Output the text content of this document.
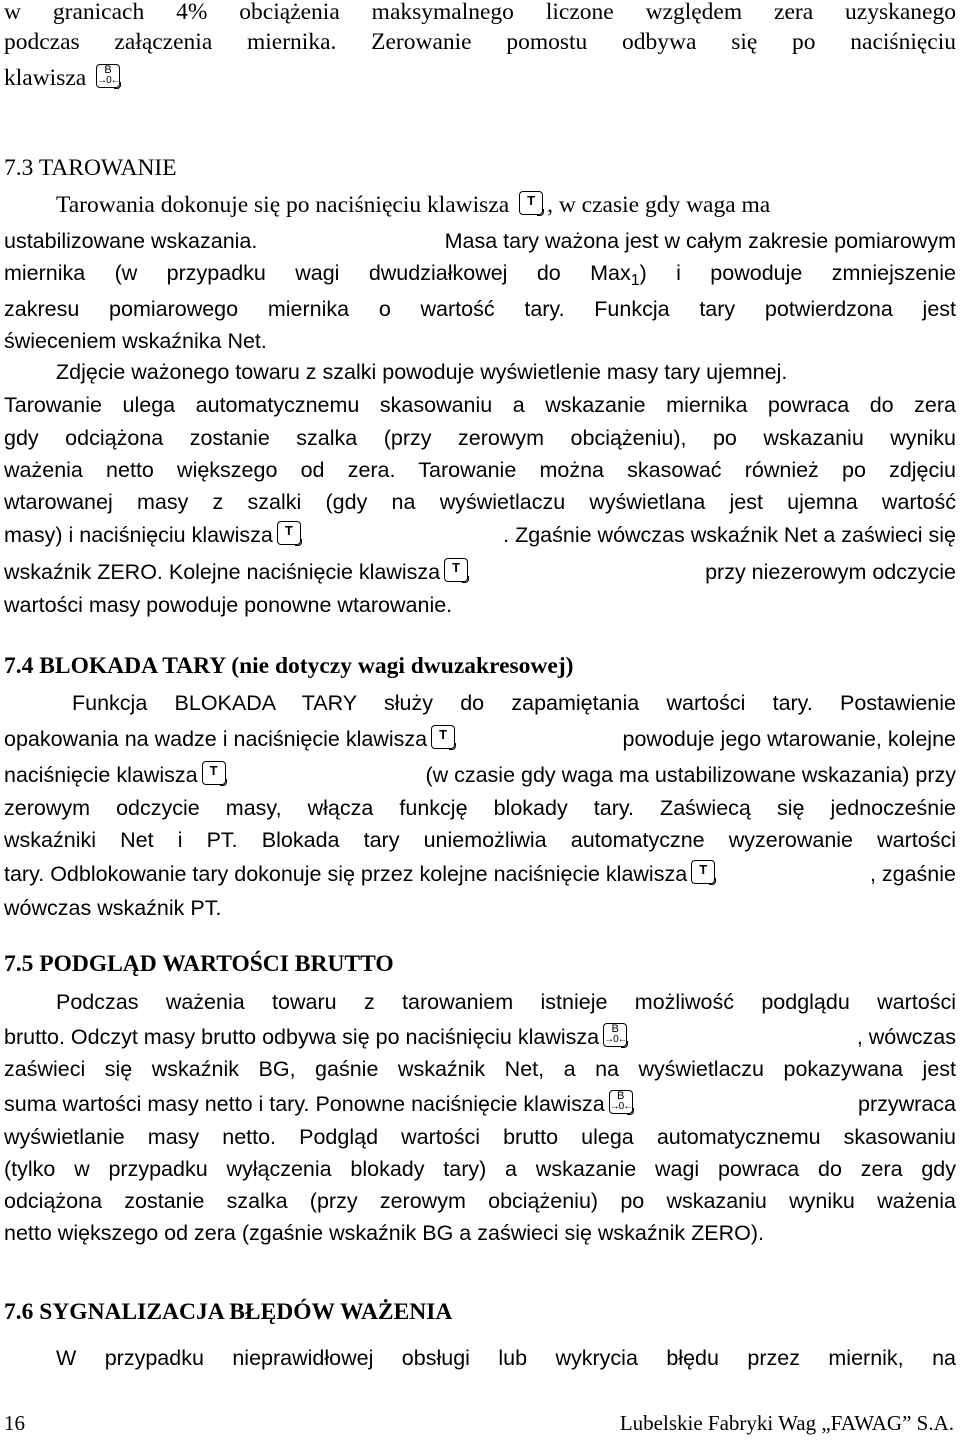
w granicach 4% obciążenia maksymalnego liczone względem zera uzyskanego
podczas załączenia miernika. Zerowanie pomostu odbywa się po naciśnięciu
klawisza	B
→0←
7.3 TAROWANIE
Tarowania dokonuje się po naciśnięciu klawisza	T , w czasie gdy waga ma
ustabilizowane wskazania.	Masa tary ważona jest w całym zakresie pomiarowym
miernika (w przypadku wagi dwudziałkowej do Max$_1$) i powoduje zmniejszenie
zakresu pomiarowego miernika o wartość tary. Funkcja tary potwierdzona jest
świeceniem wskaźnika Net.
Zdjęcie ważonego towaru z szalki powoduje wyświetlenie masy tary ujemnej.
Tarowanie ulega automatycznemu skasowaniu a wskazanie miernika powraca do zera
gdy odciążona zostanie szalka (przy zerowym obciążeniu), po wskazaniu wyniku
ważenia netto większego od zera. Tarowanie można skasować również po zdjęciu
wtarowanej masy z szalki (gdy na wyświetlaczu wyświetlana jest ujemna wartość
masy) i naciśnięciu klawisza T	. Zgaśnie wówczas wskaźnik Net a zaświeci się
wskaźnik ZERO. Kolejne naciśnięcie klawisza T	przy niezerowym odczycie
wartości masy powoduje ponowne wtarowanie.
7.4 BLOKADA TARY (nie dotyczy wagi dwuzakresowej)
Funkcja BLOKADA TARY służy do zapamiętania wartości tary. Postawienie
opakowania na wadze i naciśnięcie klawisza T	powoduje jego wtarowanie, kolejne
naciśnięcie klawisza T	(w czasie gdy waga ma ustabilizowane wskazania) przy
zerowym odczycie masy, włącza funkcję blokady tary. Zaświecą się jednocześnie
wskaźniki Net i PT. Blokada tary uniemożliwia automatyczne wyzerowanie wartości
tary. Odblokowanie tary dokonuje się przez kolejne naciśnięcie klawisza T	, zgaśnie
wówczas wskaźnik PT.
7.5 PODGLĄD WARTOŚCI BRUTTO
Podczas ważenia towaru z tarowaniem istnieje możliwość podglądu wartości
brutto. Odczyt masy brutto odbywa się po naciśnięciu klawisza	B
→0←	, wówczas
zaświeci się wskaźnik BG, gaśnie wskaźnik Net, a na wyświetlaczu pokazywana jest
suma wartości masy netto i tary. Ponowne naciśnięcie klawisza	B
→0←	przywraca
wyświetlanie masy netto. Podgląd wartości brutto ulega automatycznemu skasowaniu
(tylko w przypadku wyłączenia blokady tary) a wskazanie wagi powraca do zera gdy
odciążona zostanie szalka (przy zerowym obciążeniu) po wskazaniu wyniku ważenia
netto większego od zera (zgaśnie wskaźnik BG a zaświeci się wskaźnik ZERO).
7.6 SYGNALIZACJA BŁĘDÓW WAŻENIA
W przypadku nieprawidłowej obsługi lub wykrycia błędu przez miernik, na
16	Lubelskie Fabryki Wag „FAWAG” S.A.
